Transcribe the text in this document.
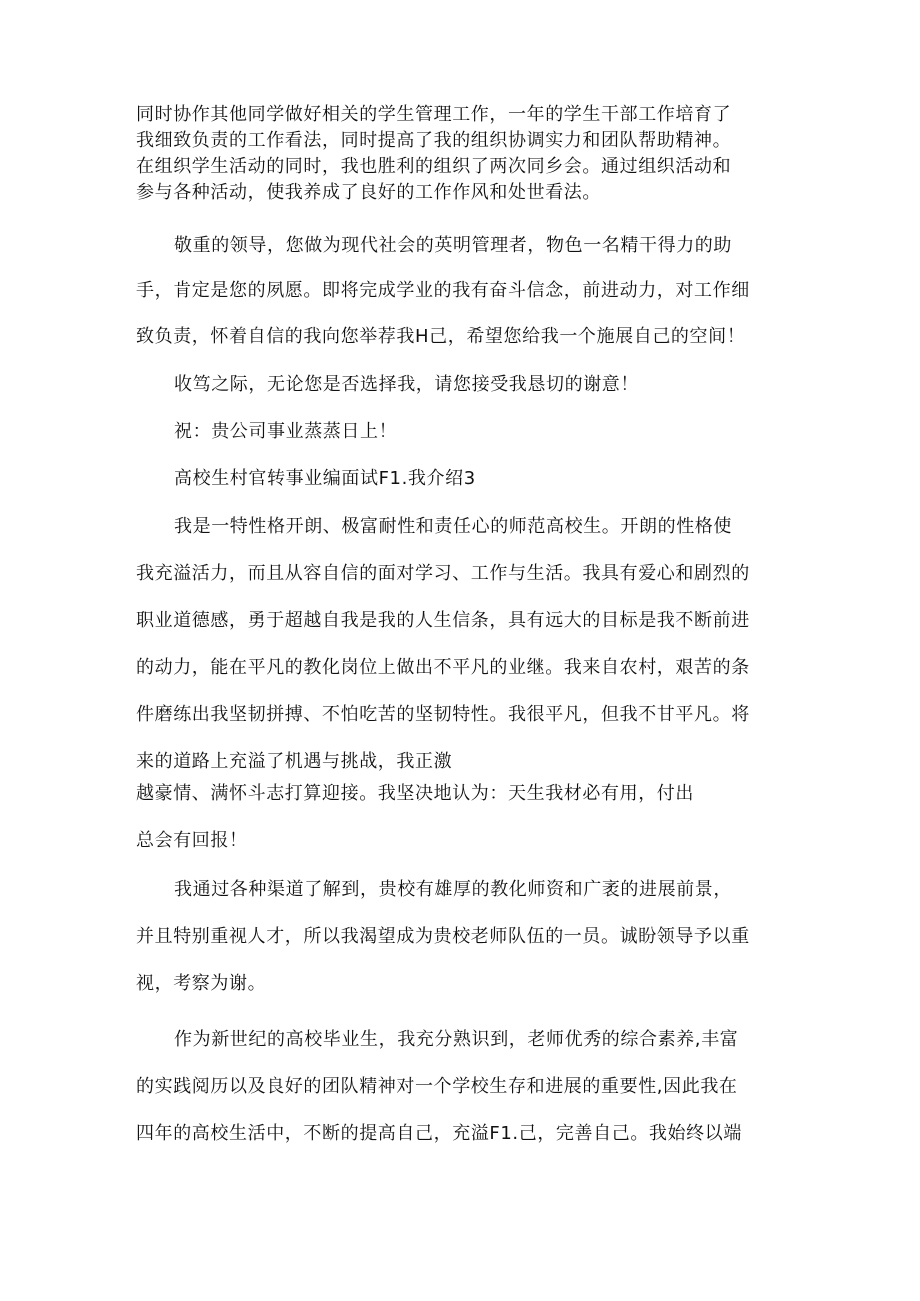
同时协作其他同学做好相关的学生管理工作，一年的学生干部工作培育了
我细致负责的工作看法，同时提高了我的组织协调实力和团队帮助精神。
在组织学生活动的同时，我也胜利的组织了两次同乡会。通过组织活动和
参与各种活动，使我养成了良好的工作作风和处世看法。
敬重的领导，您做为现代社会的英明管理者，物色一名精干得力的助
手，肯定是您的夙愿。即将完成学业的我有奋斗信念，前进动力，对工作细
致负责，怀着自信的我向您举荐我H己，希望您给我一个施展自己的空间！
收笃之际，无论您是否选择我，请您接受我恳切的谢意！
祝：贵公司事业蒸蒸日上！
高校生村官转事业编面试F1.我介绍3
我是一特性格开朗、极富耐性和责任心的师范高校生。开朗的性格使
我充溢活力，而且从容自信的面对学习、工作与生活。我具有爱心和剧烈的
职业道德感，勇于超越自我是我的人生信条，具有远大的目标是我不断前进
的动力，能在平凡的教化岗位上做出不平凡的业继。我来自农村，艰苦的条
件磨练出我坚韧拼搏、不怕吃苦的坚韧特性。我很平凡，但我不甘平凡。将
来的道路上充溢了机遇与挑战，我正激
越豪情、满怀斗志打算迎接。我坚决地认为：天生我材必有用，付出
总会有回报！
我通过各种渠道了解到，贵校有雄厚的教化师资和广袤的进展前景，
并且特别重视人才，所以我渴望成为贵校老师队伍的一员。诚盼领导予以重
视，考察为谢。
作为新世纪的高校毕业生，我充分熟识到，老师优秀的综合素养,丰富
的实践阅历以及良好的团队精神对一个学校生存和进展的重要性,因此我在
四年的高校生活中，不断的提高自己，充溢F1.己，完善自己。我始终以端
